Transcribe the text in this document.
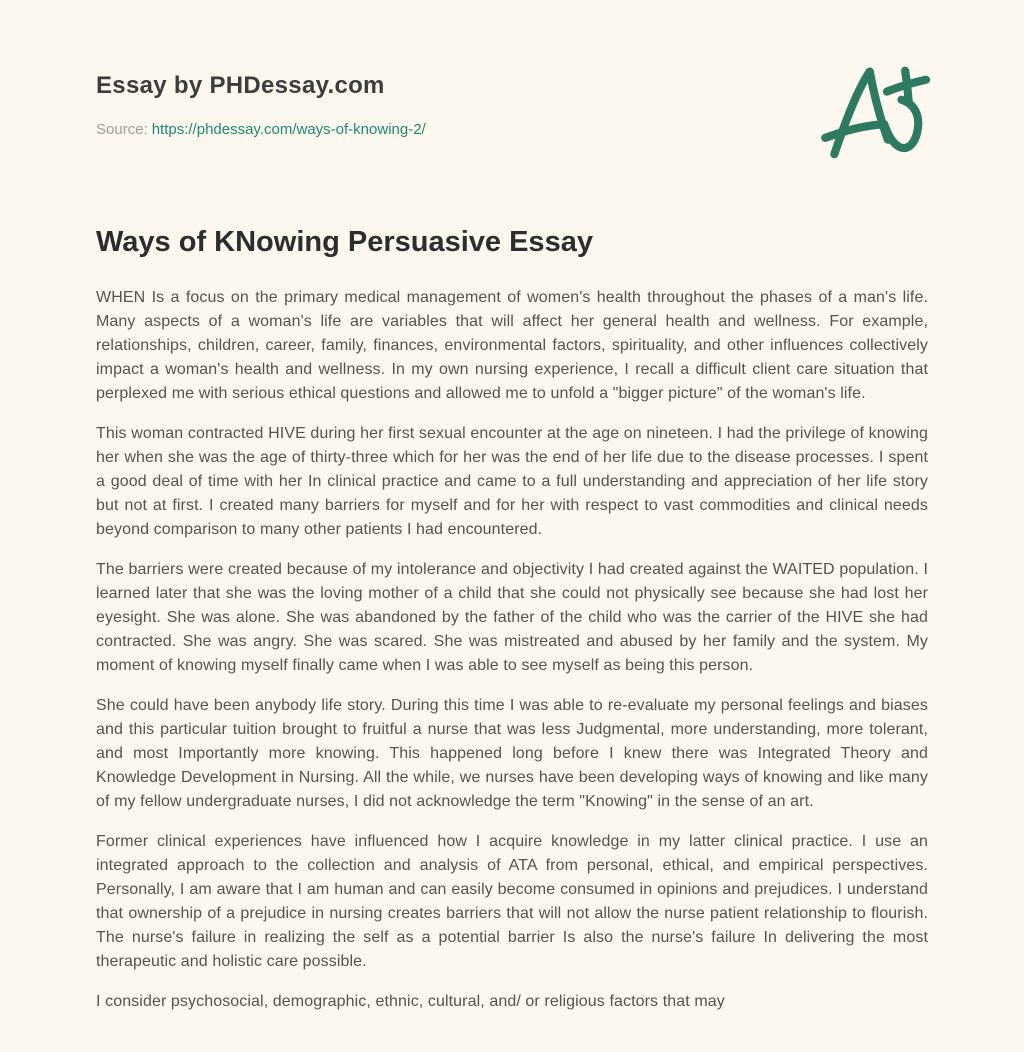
Essay by PHDessay.com

Source: https://phdessay.com/ways-of-knowing-2/

Ways of KNowing Persuasive Essay

WHEN Is a focus on the primary medical management of women's health throughout the phases of a man's life. Many aspects of a woman's life are variables that will affect her general health and wellness. For example, relationships, children, career, family, finances, environmental factors, spirituality, and other influences collectively impact a woman's health and wellness. In my own nursing experience, I recall a difficult client care situation that perplexed me with serious ethical questions and allowed me to unfold a "bigger picture" of the woman's life.

This woman contracted HIVE during her first sexual encounter at the age on nineteen. I had the privilege of knowing her when she was the age of thirty-three which for her was the end of her life due to the disease processes. I spent a good deal of time with her In clinical practice and came to a full understanding and appreciation of her life story but not at first. I created many barriers for myself and for her with respect to vast commodities and clinical needs beyond comparison to many other patients I had encountered.

The barriers were created because of my intolerance and objectivity I had created against the WAITED population. I learned later that she was the loving mother of a child that she could not physically see because she had lost her eyesight. She was alone. She was abandoned by the father of the child who was the carrier of the HIVE she had contracted. She was angry. She was scared. She was mistreated and abused by her family and the system. My moment of knowing myself finally came when I was able to see myself as being this person.

She could have been anybody life story. During this time I was able to re-evaluate my personal feelings and biases and this particular tuition brought to fruitful a nurse that was less Judgmental, more understanding, more tolerant, and most Importantly more knowing. This happened long before I knew there was Integrated Theory and Knowledge Development in Nursing. All the while, we nurses have been developing ways of knowing and like many of my fellow undergraduate nurses, I did not acknowledge the term "Knowing" in the sense of an art.

Former clinical experiences have influenced how I acquire knowledge in my latter clinical practice. I use an integrated approach to the collection and analysis of ATA from personal, ethical, and empirical perspectives. Personally, I am aware that I am human and can easily become consumed in opinions and prejudices. I understand that ownership of a prejudice in nursing creates barriers that will not allow the nurse patient relationship to flourish. The nurse's failure in realizing the self as a potential barrier Is also the nurse's failure In delivering the most therapeutic and holistic care possible.

I consider psychosocial, demographic, ethnic, cultural, and/ or religious factors that may
